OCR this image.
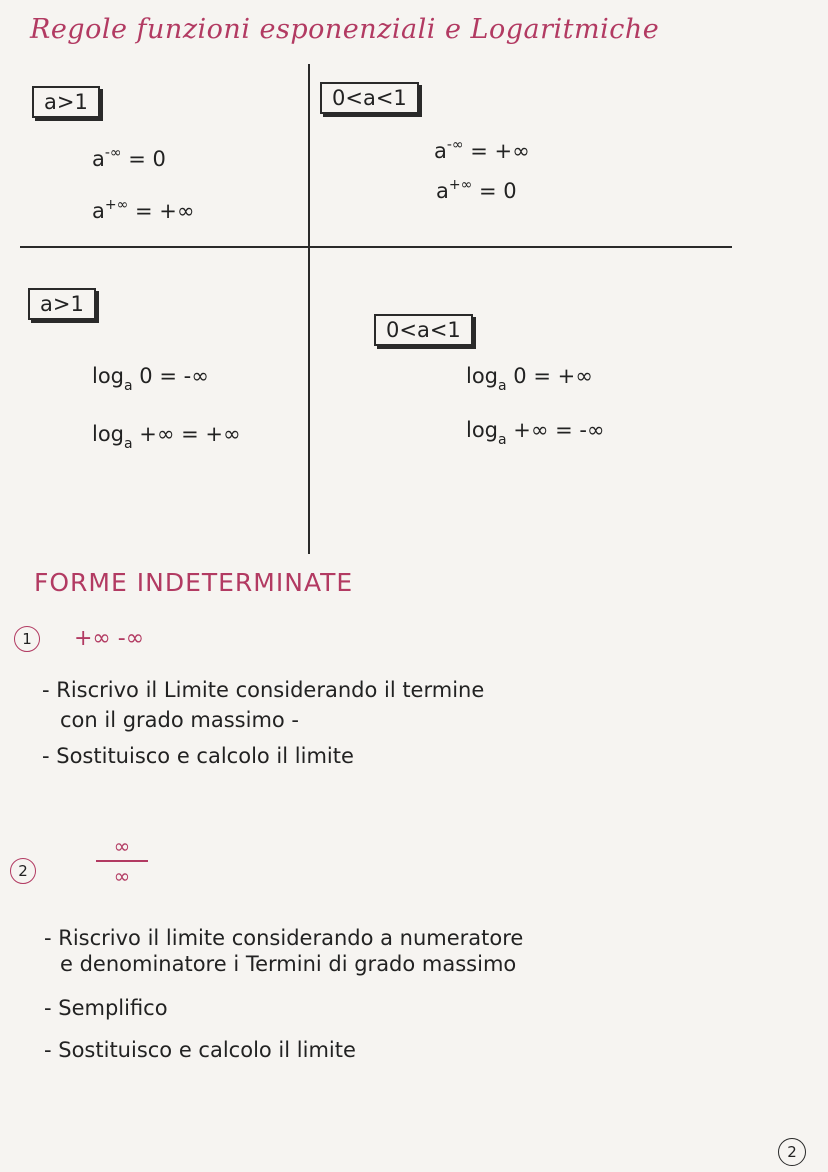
Regole funzioni esponenziali e Logaritmiche
a>1
a-∞ = 0
a+∞ = +∞
0<a<1
a-∞ = +∞
a+∞ = 0
a>1
$\log_a 0$ = -∞
$\log_a$ +∞ = +∞
0<a<1
$\log_a 0$ = +∞
$\log_a$ +∞ = -∞
FORME INDETERMINATE
1	+∞ -∞
- Riscrivo il Limite considerando il termine
con il grado massimo -
- Sostituisco e calcolo il limite
2
∞
∞
- Riscrivo il limite considerando a numeratore
e denominatore i Termini di grado massimo
- Semplifico
- Sostituisco e calcolo il limite
2
